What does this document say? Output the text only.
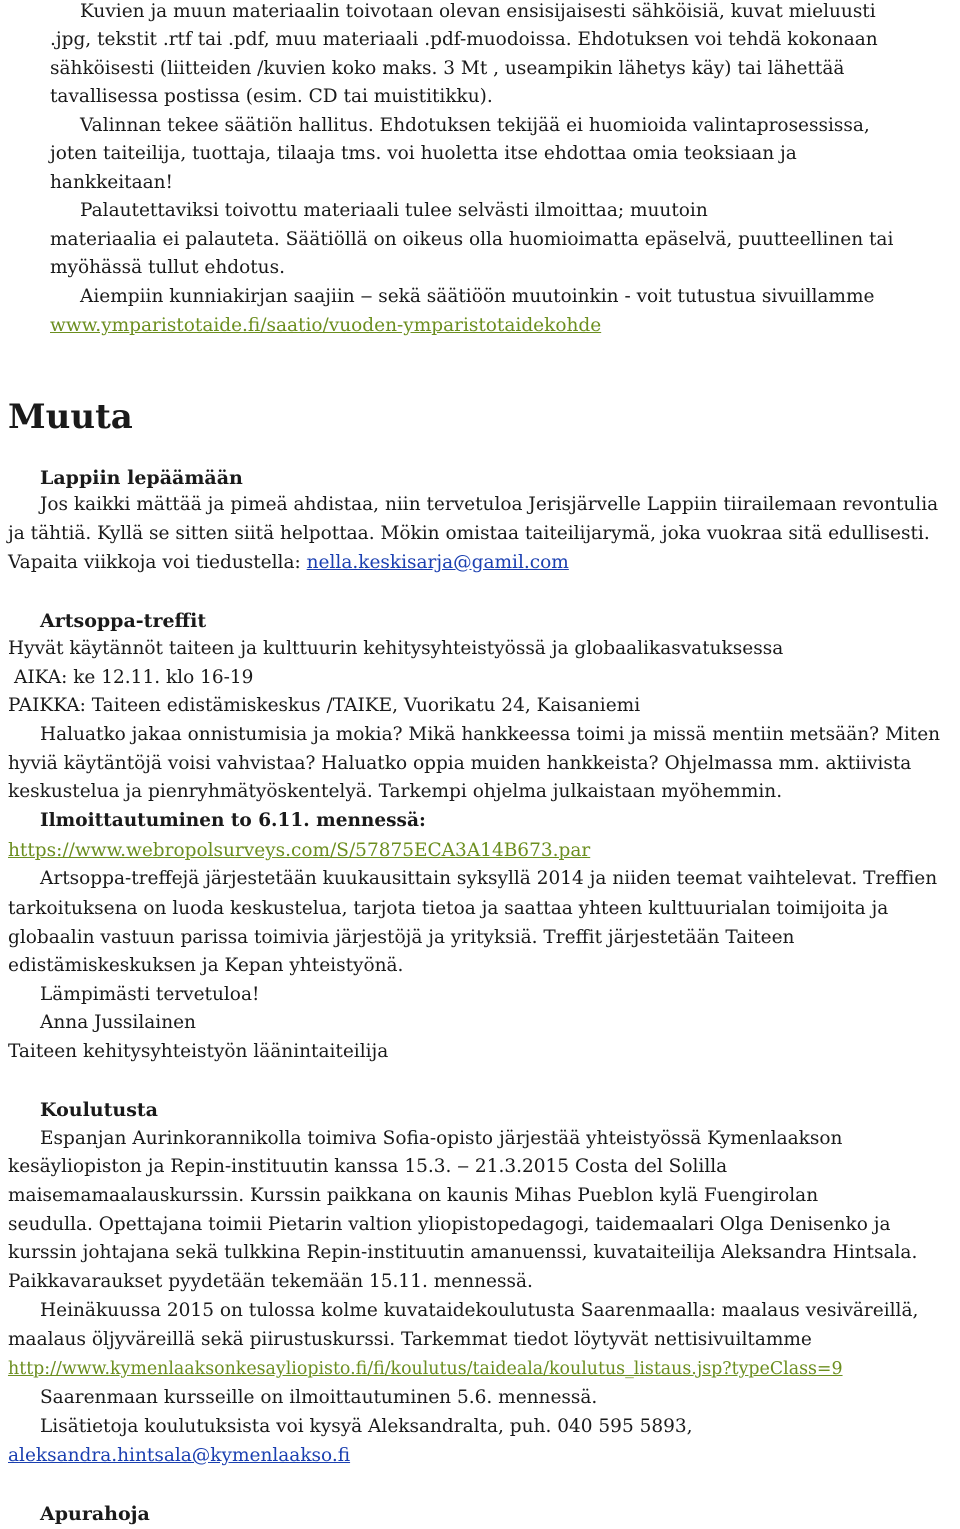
Kuvien ja muun materiaalin toivotaan olevan ensisijaisesti sähköisiä, kuvat mieluusti
.jpg, tekstit .rtf tai .pdf, muu materiaali .pdf-muodoissa. Ehdotuksen voi tehdä kokonaan
sähköisesti (liitteiden /kuvien koko maks. 3 Mt , useampikin lähetys käy) tai lähettää
tavallisessa postissa (esim. CD tai muistitikku).
Valinnan tekee säätiön hallitus. Ehdotuksen tekijää ei huomioida valintaprosessissa,
joten taiteilija, tuottaja, tilaaja tms. voi huoletta itse ehdottaa omia teoksiaan ja
hankkeitaan!
Palautettaviksi toivottu materiaali tulee selvästi ilmoittaa; muutoin
materiaalia ei palauteta. Säätiöllä on oikeus olla huomioimatta epäselvä, puutteellinen tai
myöhässä tullut ehdotus.
Aiempiin kunniakirjan saajiin ‒ sekä säätiöön muutoinkin - voit tutustua sivuillamme
www.ymparistotaide.fi/saatio/vuoden-ymparistotaidekohde
Muuta
Lappiin lepäämään
Jos kaikki mättää ja pimeä ahdistaa, niin tervetuloa Jerisjärvelle Lappiin tiirailemaan revontulia
ja tähtiä. Kyllä se sitten siitä helpottaa. Mökin omistaa taiteilijarymä, joka vuokraa sitä edullisesti.
Vapaita viikkoja voi tiedustella: nella.keskisarja@gamil.com
Artsoppa-treffit
Hyvät käytännöt taiteen ja kulttuurin kehitysyhteistyössä ja globaalikasvatuksessa
AIKA: ke 12.11. klo 16-19
PAIKKA: Taiteen edistämiskeskus /TAIKE, Vuorikatu 24, Kaisaniemi
Haluatko jakaa onnistumisia ja mokia? Mikä hankkeessa toimi ja missä mentiin metsään? Miten
hyviä käytäntöjä voisi vahvistaa? Haluatko oppia muiden hankkeista? Ohjelmassa mm. aktiivista
keskustelua ja pienryhmätyöskentelyä. Tarkempi ohjelma julkaistaan myöhemmin.
Ilmoittautuminen to 6.11. mennessä:
https://www.webropolsurveys.com/S/57875ECA3A14B673.par
Artsoppa-treffejä järjestetään kuukausittain syksyllä 2014 ja niiden teemat vaihtelevat. Treffien
tarkoituksena on luoda keskustelua, tarjota tietoa ja saattaa yhteen kulttuurialan toimijoita ja
globaalin vastuun parissa toimivia järjestöjä ja yrityksiä. Treffit järjestetään Taiteen
edistämiskeskuksen ja Kepan yhteistyönä.
Lämpimästi tervetuloa!
Anna Jussilainen
Taiteen kehitysyhteistyön läänintaiteilija
Koulutusta
Espanjan Aurinkorannikolla toimiva Sofia-opisto järjestää yhteistyössä Kymenlaakson
kesäyliopiston ja Repin-instituutin kanssa 15.3. ‒ 21.3.2015 Costa del Solilla
maisemamaalauskurssin. Kurssin paikkana on kaunis Mihas Pueblon kylä Fuengirolan
seudulla. Opettajana toimii Pietarin valtion yliopistopedagogi, taidemaalari Olga Denisenko ja
kurssin johtajana sekä tulkkina Repin-instituutin amanuenssi, kuvataiteilija Aleksandra Hintsala.
Paikkavaraukset pyydetään tekemään 15.11. mennessä.
Heinäkuussa 2015 on tulossa kolme kuvataidekoulutusta Saarenmaalla: maalaus vesiväreillä,
maalaus öljyväreillä sekä piirustuskurssi. Tarkemmat tiedot löytyvät nettisivuiltamme
http://www.kymenlaaksonkesayliopisto.fi/fi/koulutus/taideala/koulutus_listaus.jsp?typeClass=9
Saarenmaan kursseille on ilmoittautuminen 5.6. mennessä.
Lisätietoja koulutuksista voi kysyä Aleksandralta, puh. 040 595 5893,
aleksandra.hintsala@kymenlaakso.fi
Apurahoja
